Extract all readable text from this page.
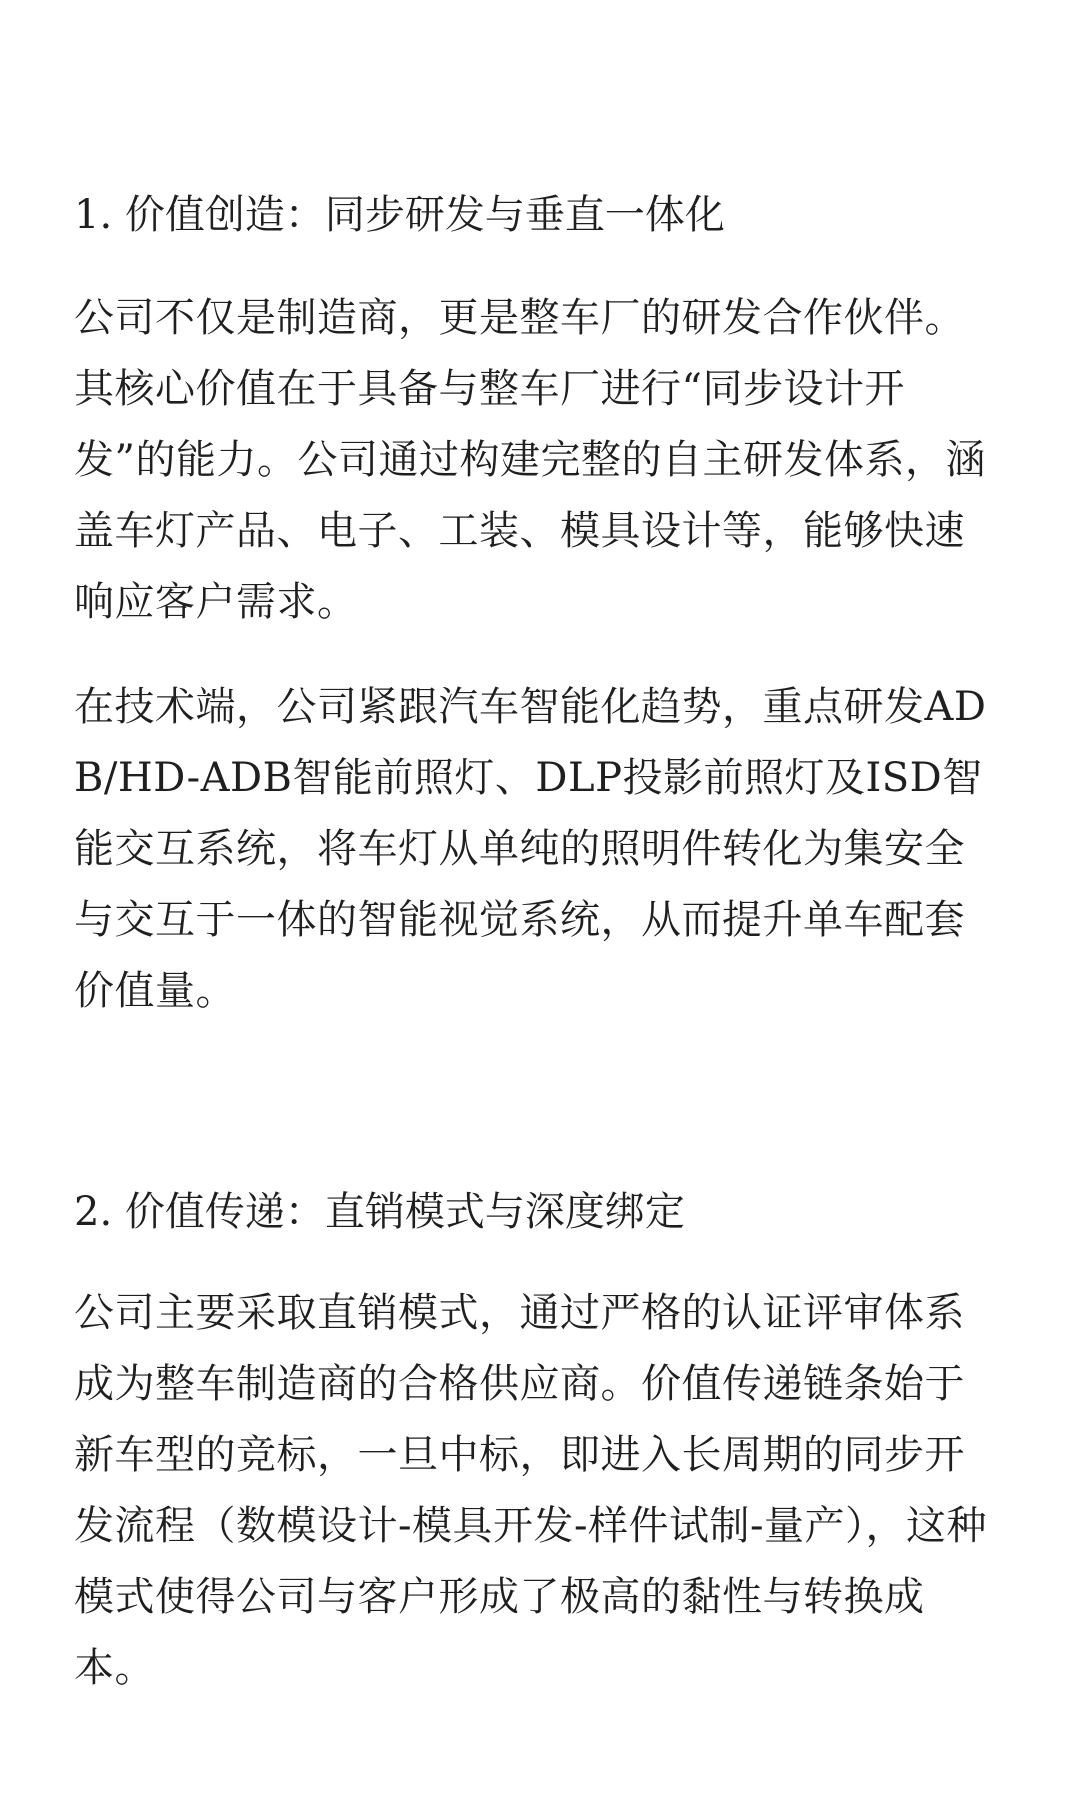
1. 价值创造：同步研发与垂直一体化

公司不仅是制造商，更是整车厂的研发合作伙伴。其核心价值在于具备与整车厂进行“同步设计开发”的能力。公司通过构建完整的自主研发体系，涵盖车灯产品、电子、工装、模具设计等，能够快速响应客户需求。

在技术端，公司紧跟汽车智能化趋势，重点研发ADB/HD-ADB智能前照灯、DLP投影前照灯及ISD智能交互系统，将车灯从单纯的照明件转化为集安全与交互于一体的智能视觉系统，从而提升单车配套价值量。

2. 价值传递：直销模式与深度绑定

公司主要采取直销模式，通过严格的认证评审体系成为整车制造商的合格供应商。价值传递链条始于新车型的竞标，一旦中标，即进入长周期的同步开发流程（数模设计-模具开发-样件试制-量产），这种模式使得公司与客户形成了极高的黏性与转换成本。
